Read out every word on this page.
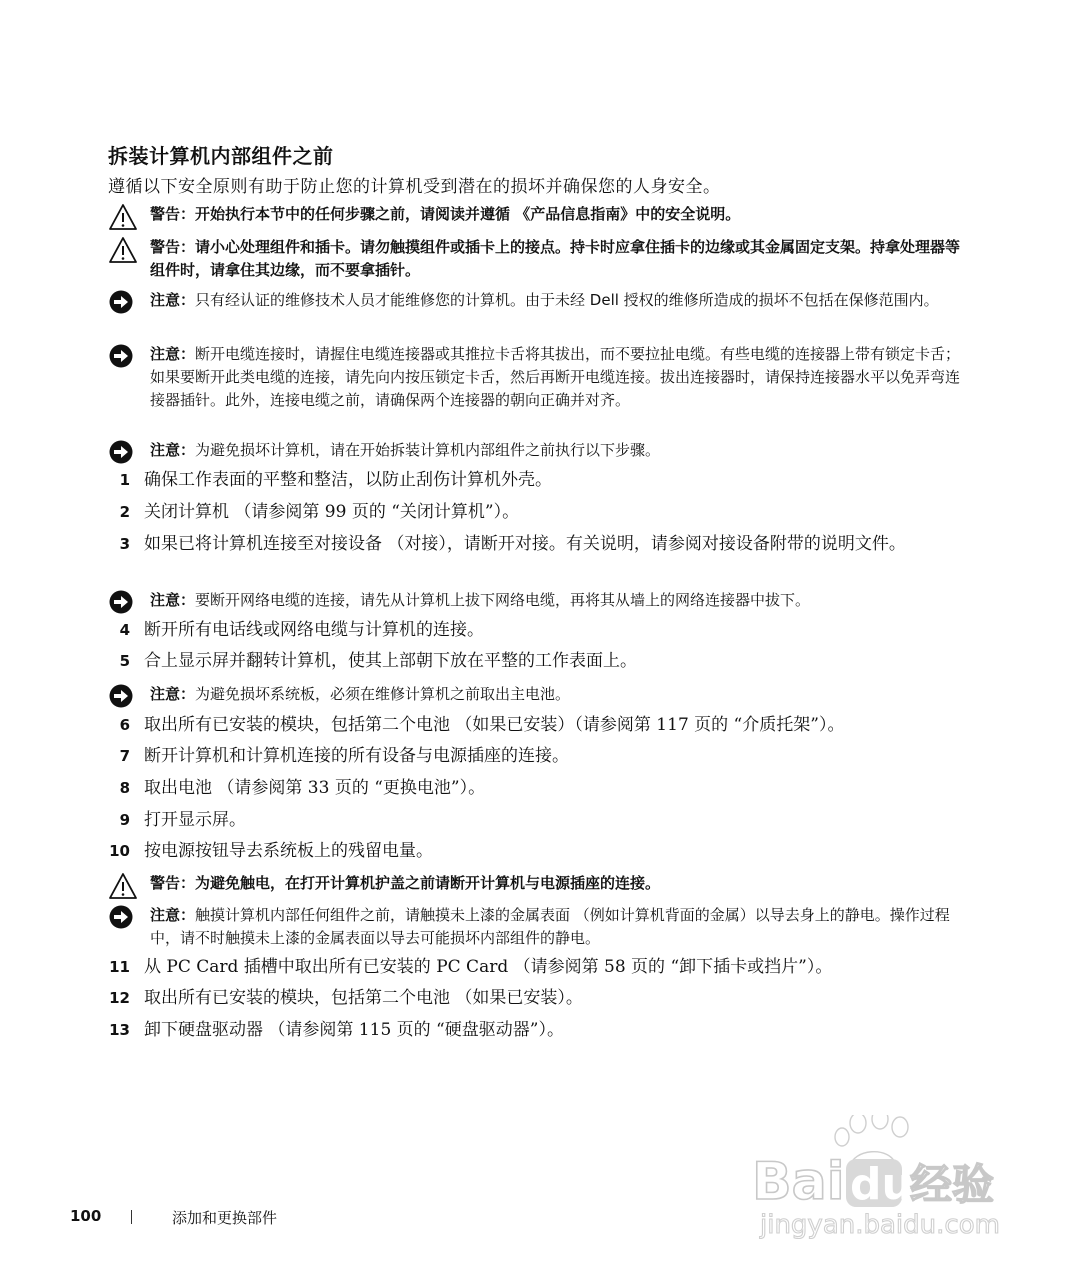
拆装计算机内部组件之前

遵循以下安全原则有助于防止您的计算机受到潜在的损坏并确保您的人身安全。

警告：开始执行本节中的任何步骤之前，请阅读并遵循 《产品信息指南》中的安全说明。
警告：请小心处理组件和插卡。请勿触摸组件或插卡上的接点。持卡时应拿住插卡的边缘或其金属固定支架。持拿处理器等组件时，请拿住其边缘，而不要拿插针。
注意：只有经认证的维修技术人员才能维修您的计算机。由于未经 Dell 授权的维修所造成的损坏不包括在保修范围内。
注意：断开电缆连接时，请握住电缆连接器或其推拉卡舌将其拔出，而不要拉扯电缆。有些电缆的连接器上带有锁定卡舌；如果要断开此类电缆的连接，请先向内按压锁定卡舌，然后再断开电缆连接。拔出连接器时，请保持连接器水平以免弄弯连接器插针。此外，连接电缆之前，请确保两个连接器的朝向正确并对齐。
注意：为避免损坏计算机，请在开始拆装计算机内部组件之前执行以下步骤。
1 确保工作表面的平整和整洁，以防止刮伤计算机外壳。
2 关闭计算机 （请参阅第 99 页的 “关闭计算机”）。
3 如果已将计算机连接至对接设备 （对接），请断开对接。有关说明，请参阅对接设备附带的说明文件。
注意：要断开网络电缆的连接，请先从计算机上拔下网络电缆，再将其从墙上的网络连接器中拔下。
4 断开所有电话线或网络电缆与计算机的连接。
5 合上显示屏并翻转计算机，使其上部朝下放在平整的工作表面上。
注意：为避免损坏系统板，必须在维修计算机之前取出主电池。
6 取出所有已安装的模块，包括第二个电池 （如果已安装）（请参阅第 117 页的 “介质托架”）。
7 断开计算机和计算机连接的所有设备与电源插座的连接。
8 取出电池 （请参阅第 33 页的 “更换电池”）。
9 打开显示屏。
10 按电源按钮导去系统板上的残留电量。
警告：为避免触电，在打开计算机护盖之前请断开计算机与电源插座的连接。
注意：触摸计算机内部任何组件之前，请触摸未上漆的金属表面 （例如计算机背面的金属）以导去身上的静电。操作过程中，请不时触摸未上漆的金属表面以导去可能损坏内部组件的静电。
11 从 PC Card 插槽中取出所有已安装的 PC Card （请参阅第 58 页的 “卸下插卡或挡片”）。
12 取出所有已安装的模块，包括第二个电池 （如果已安装）。
13 卸下硬盘驱动器 （请参阅第 115 页的 “硬盘驱动器”）。
100	添加和更换部件
Bai du
经验
jingyan.baidu.com
